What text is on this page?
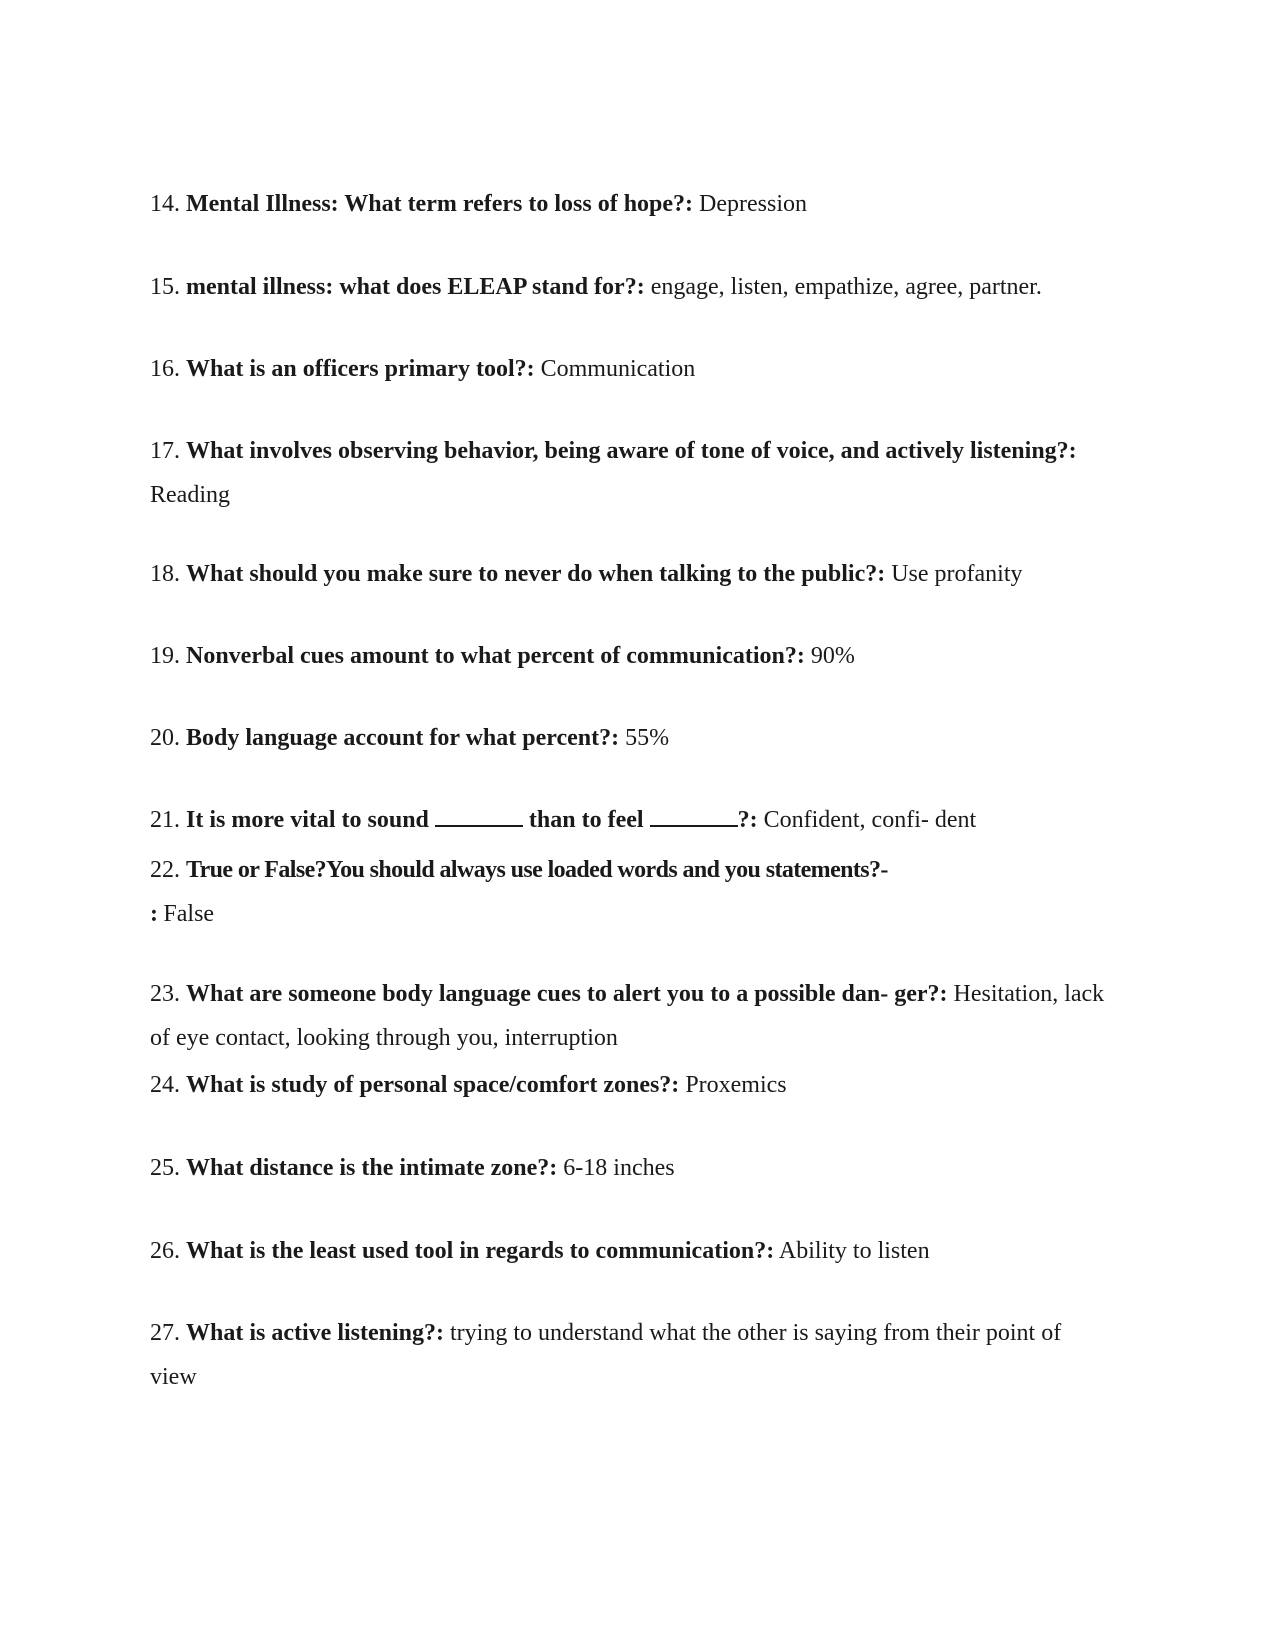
14. Mental Illness: What term refers to loss of hope?: Depression

15. mental illness: what does ELEAP stand for?: engage, listen, empathize, agree, partner.

16. What is an officers primary tool?: Communication

17. What involves observing behavior, being aware of tone of voice, and actively listening?: Reading

18. What should you make sure to never do when talking to the public?: Use profanity

19. Nonverbal cues amount to what percent of communication?: 90%

20. Body language account for what percent?: 55%

21. It is more vital to sound	than to feel	?: Confident, confi- dent

22. True or False?You should always use loaded words and you statements?-
: False

23. What are someone body language cues to alert you to a possible dan- ger?: Hesitation, lack of eye contact, looking through you, interruption

24. What is study of personal space/comfort zones?: Proxemics

25. What distance is the intimate zone?: 6-18 inches

26. What is the least used tool in regards to communication?: Ability to listen

27. What is active listening?: trying to understand what the other is saying from their point of view
